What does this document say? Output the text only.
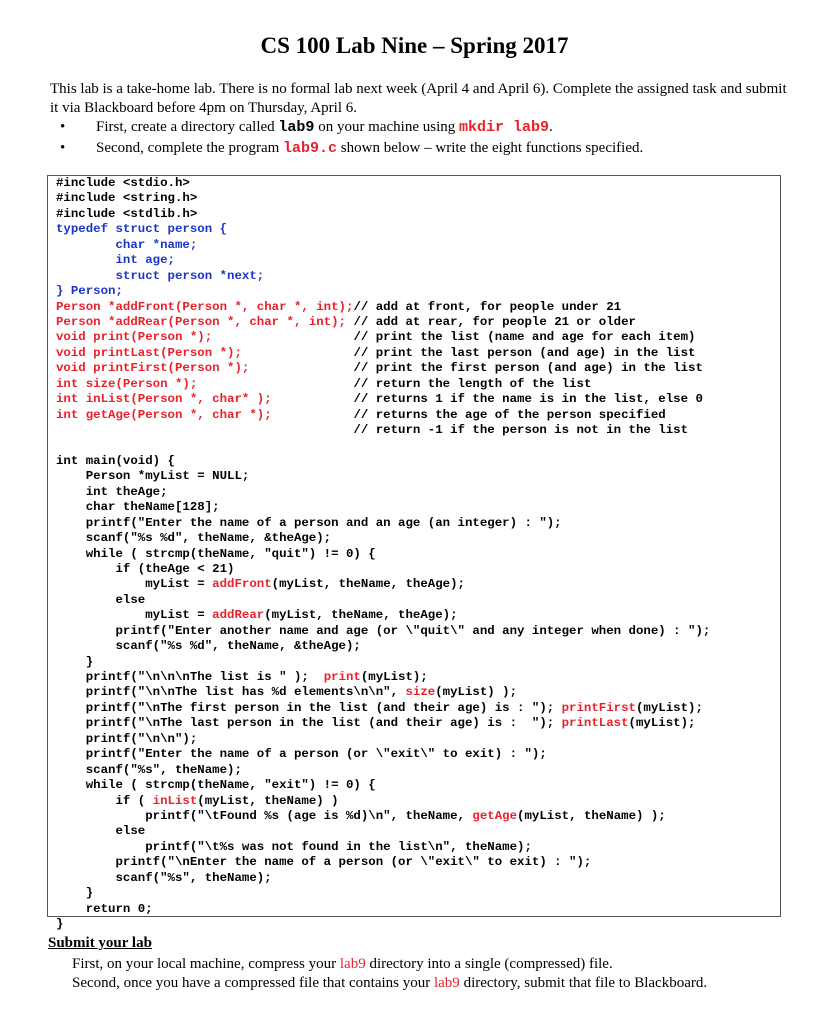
CS 100 Lab Nine – Spring 2017
This lab is a take-home lab. There is no formal lab next week (April 4 and April 6). Complete the assigned task and submit it via Blackboard before 4pm on Thursday, April 6.
• First, create a directory called lab9 on your machine using mkdir lab9.
• Second, complete the program lab9.c shown below – write the eight functions specified.
#include <stdio.h>
#include <string.h>
#include <stdlib.h>
typedef struct person {
char *name;
int age;
struct person *next;
} Person;
Person *addFront(Person *, char *, int);// add at front, for people under 21
Person *addRear(Person *, char *, int); // add at rear, for people 21 or older
void print(Person *);                   // print the list (name and age for each item)
void printLast(Person *);               // print the last person (and age) in the list
void printFirst(Person *);              // print the first person (and age) in the list
int size(Person *);                     // return the length of the list
int inList(Person *, char* );           // returns 1 if the name is in the list, else 0
int getAge(Person *, char *);           // returns the age of the person specified
// return -1 if the person is not in the list
int main(void) {
Person *myList = NULL;
int theAge;
char theName[128];
printf("Enter the name of a person and an age (an integer) : ");
scanf("%s %d", theName, &theAge);
while ( strcmp(theName, "quit") != 0) {
if (theAge < 21)
myList = addFront(myList, theName, theAge);
else
myList = addRear(myList, theName, theAge);
printf("Enter another name and age (or \"quit\" and any integer when done) : ");
scanf("%s %d", theName, &theAge);
}
printf("\n\n\nThe list is " );  print(myList);
printf("\n\nThe list has %d elements\n\n", size(myList) );
printf("\nThe first person in the list (and their age) is : "); printFirst(myList);
printf("\nThe last person in the list (and their age) is :  "); printLast(myList);
printf("\n\n");
printf("Enter the name of a person (or \"exit\" to exit) : ");
scanf("%s", theName);
while ( strcmp(theName, "exit") != 0) {
if ( inList(myList, theName) )
printf("\tFound %s (age is %d)\n", theName, getAge(myList, theName) );
else
printf("\t%s was not found in the list\n", theName);
printf("\nEnter the name of a person (or \"exit\" to exit) : ");
scanf("%s", theName);
}
return 0;
}
Submit your lab
First, on your local machine, compress your lab9 directory into a single (compressed) file.
Second, once you have a compressed file that contains your lab9 directory, submit that file to Blackboard.
